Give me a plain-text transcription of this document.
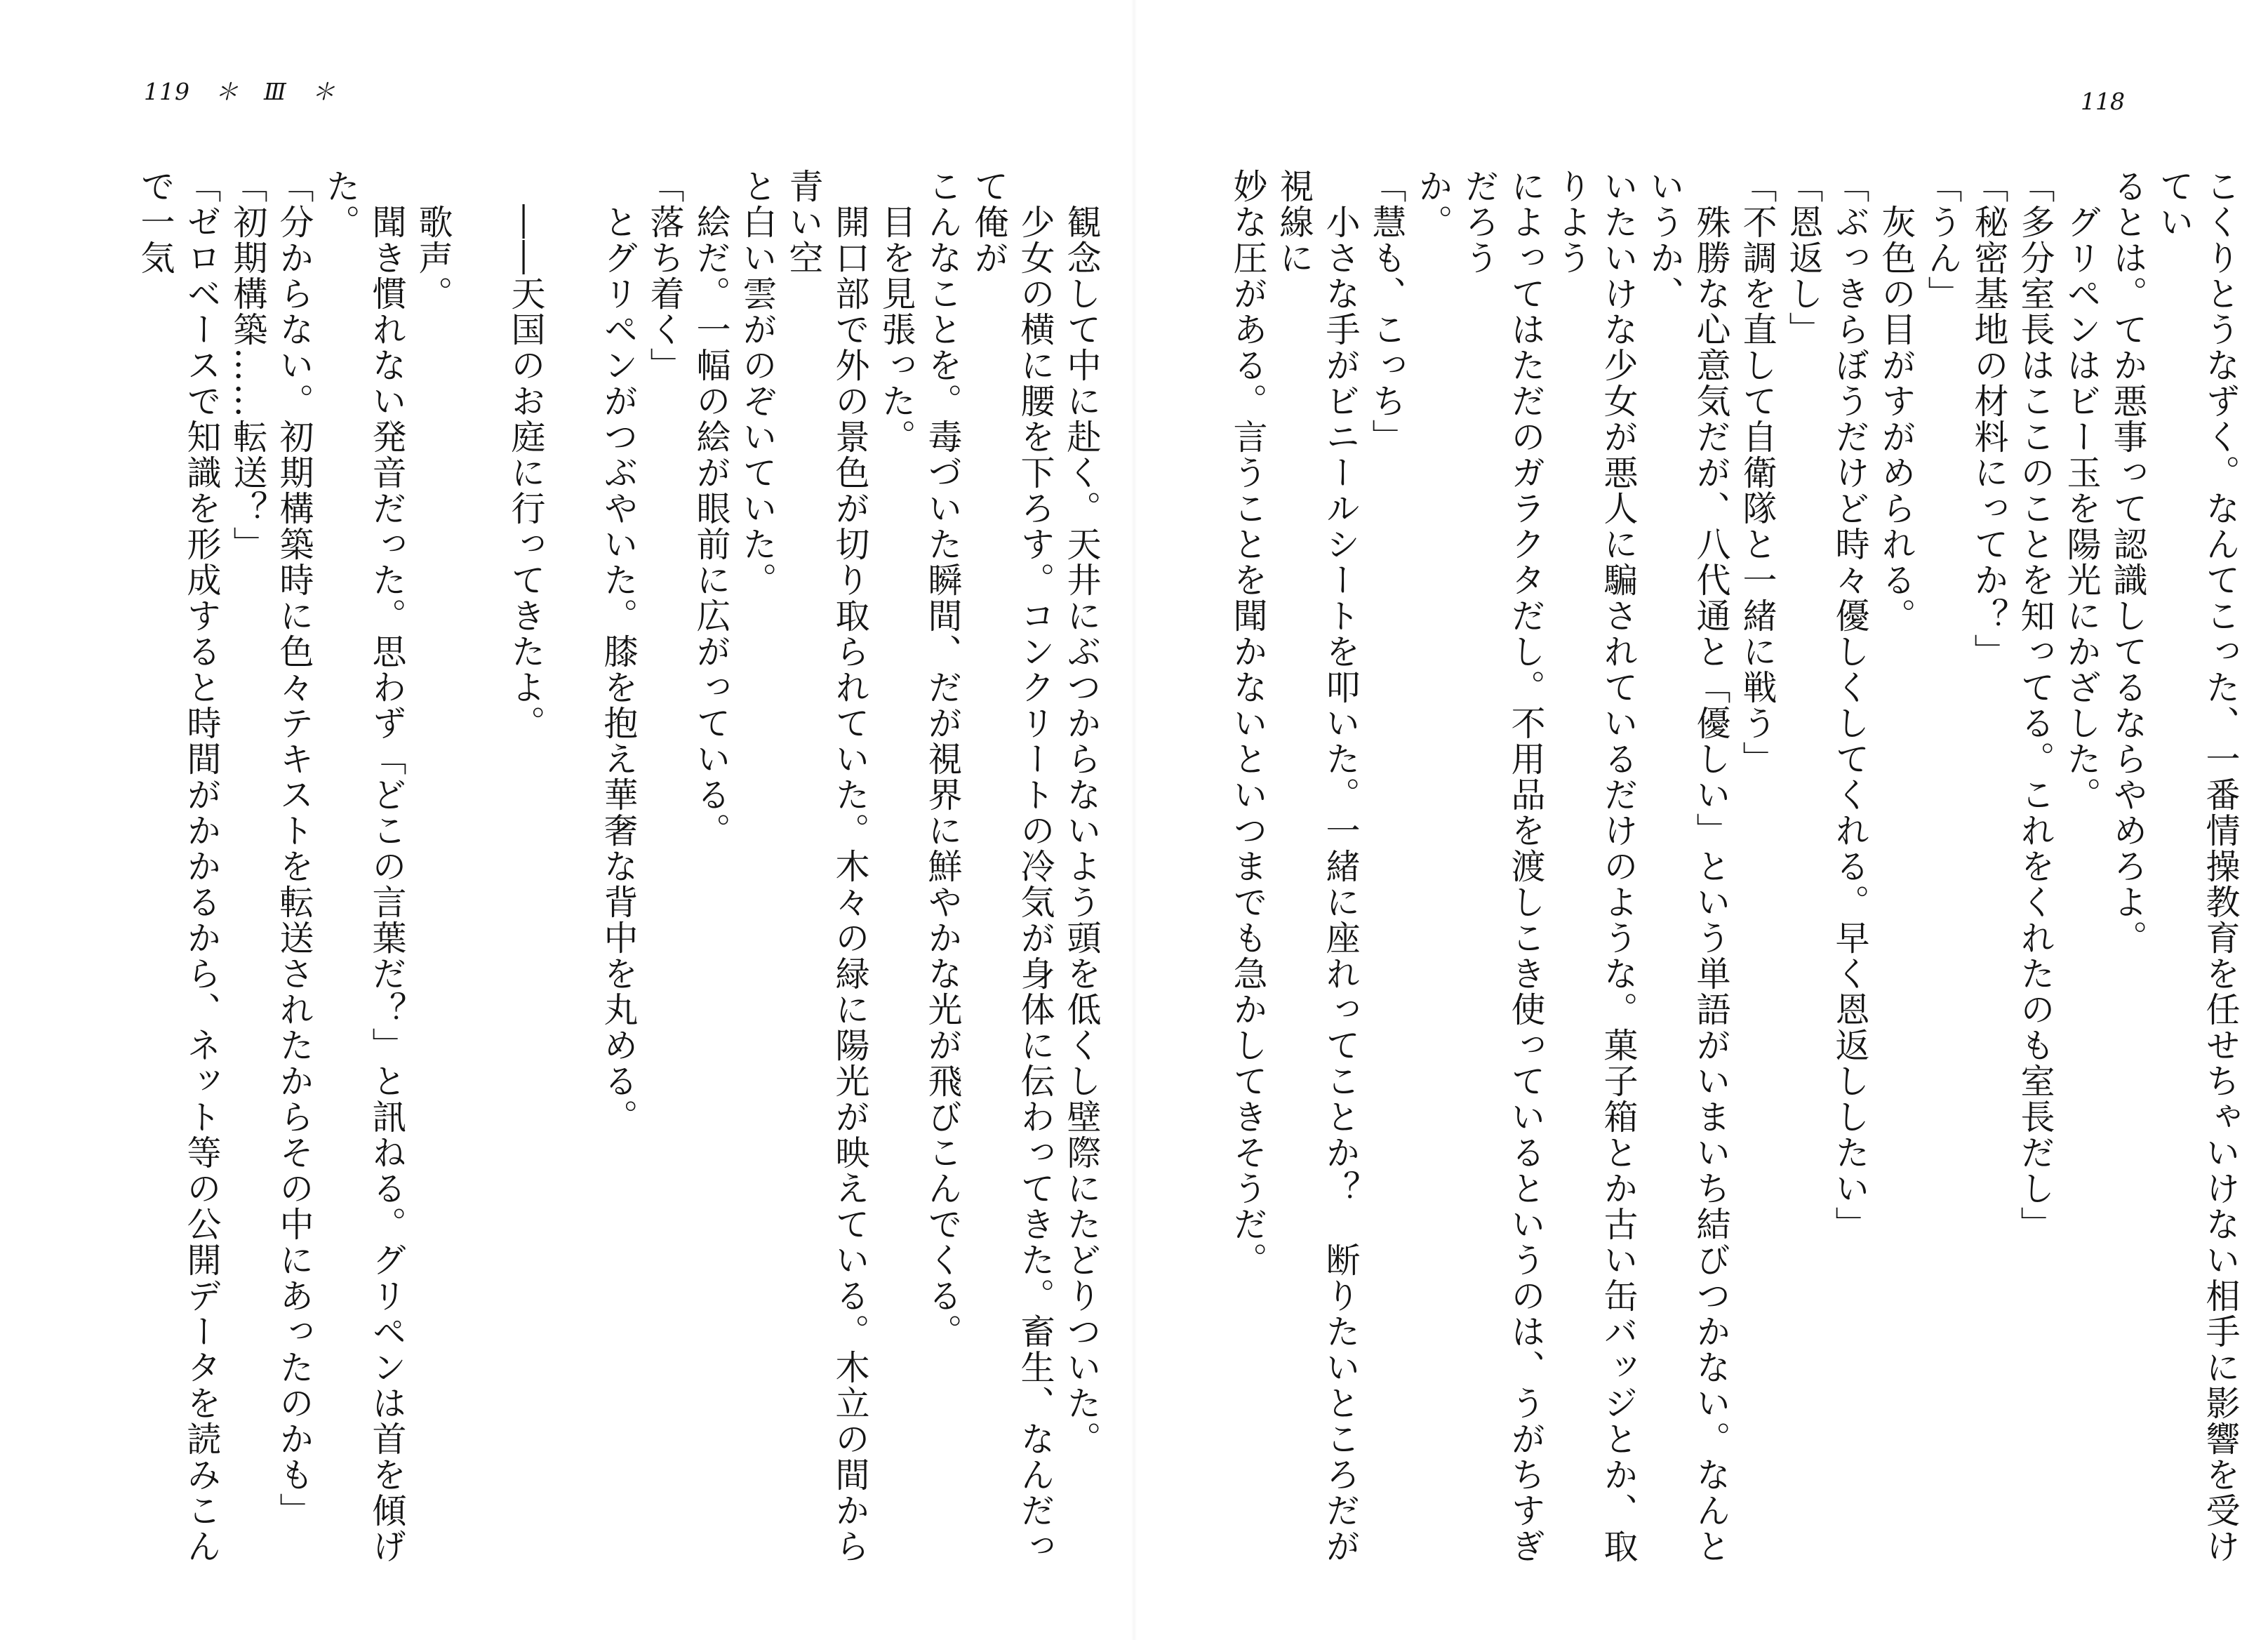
119 ＊ Ⅲ ＊	118

こくりとうなずく。なんてこった、一番情操教育を任せちゃいけない相手に影響を受けてい

るとは。てか悪事って認識してるならやめろよ。

　グリペンはビー玉を陽光にかざした。

「多分室長はここのことを知ってる。これをくれたのも室長だし」

「秘密基地の材料にってか？」

「うん」

　灰色の目がすがめられる。

「ぶっきらぼうだけど時々優しくしてくれる。早く恩返ししたい」

「恩返し」

「不調を直して自衛隊と一緒に戦う」

　殊勝な心意気だが、八代通と「優しい」という単語がいまいち結びつかない。なんというか、

いたいけな少女が悪人に騙されているだけのような。菓子箱とか古い缶バッジとか、取りよう

によってはただのガラクタだし。不用品を渡しこき使っているというのは、うがちすぎだろう

か。

「慧も、こっち」

　小さな手がビニールシートを叩いた。一緒に座れってことか？　断りたいところだが視線に

妙な圧がある。言うことを聞かないといつまでも急かしてきそうだ。

　観念して中に赴く。天井にぶつからないよう頭を低くし壁際にたどりついた。

　少女の横に腰を下ろす。コンクリートの冷気が身体に伝わってきた。畜生、なんだって俺が

こんなことを。毒づいた瞬間、だが視界に鮮やかな光が飛びこんでくる。

　目を見張った。

　開口部で外の景色が切り取られていた。木々の緑に陽光が映えている。木立の間から青い空

と白い雲がのぞいていた。

　絵だ。一幅の絵が眼前に広がっている。

「落ち着く」

　とグリペンがつぶやいた。膝を抱え華奢な背中を丸める。

　――天国のお庭に行ってきたよ。

　歌声。

　聞き慣れない発音だった。思わず「どこの言葉だ？」と訊ねる。グリペンは首を傾げた。

「分からない。初期構築時に色々テキストを転送されたからその中にあったのかも」

「初期構築……転送？」

「ゼロベースで知識を形成すると時間がかかるから、ネット等の公開データを読みこんで一気
